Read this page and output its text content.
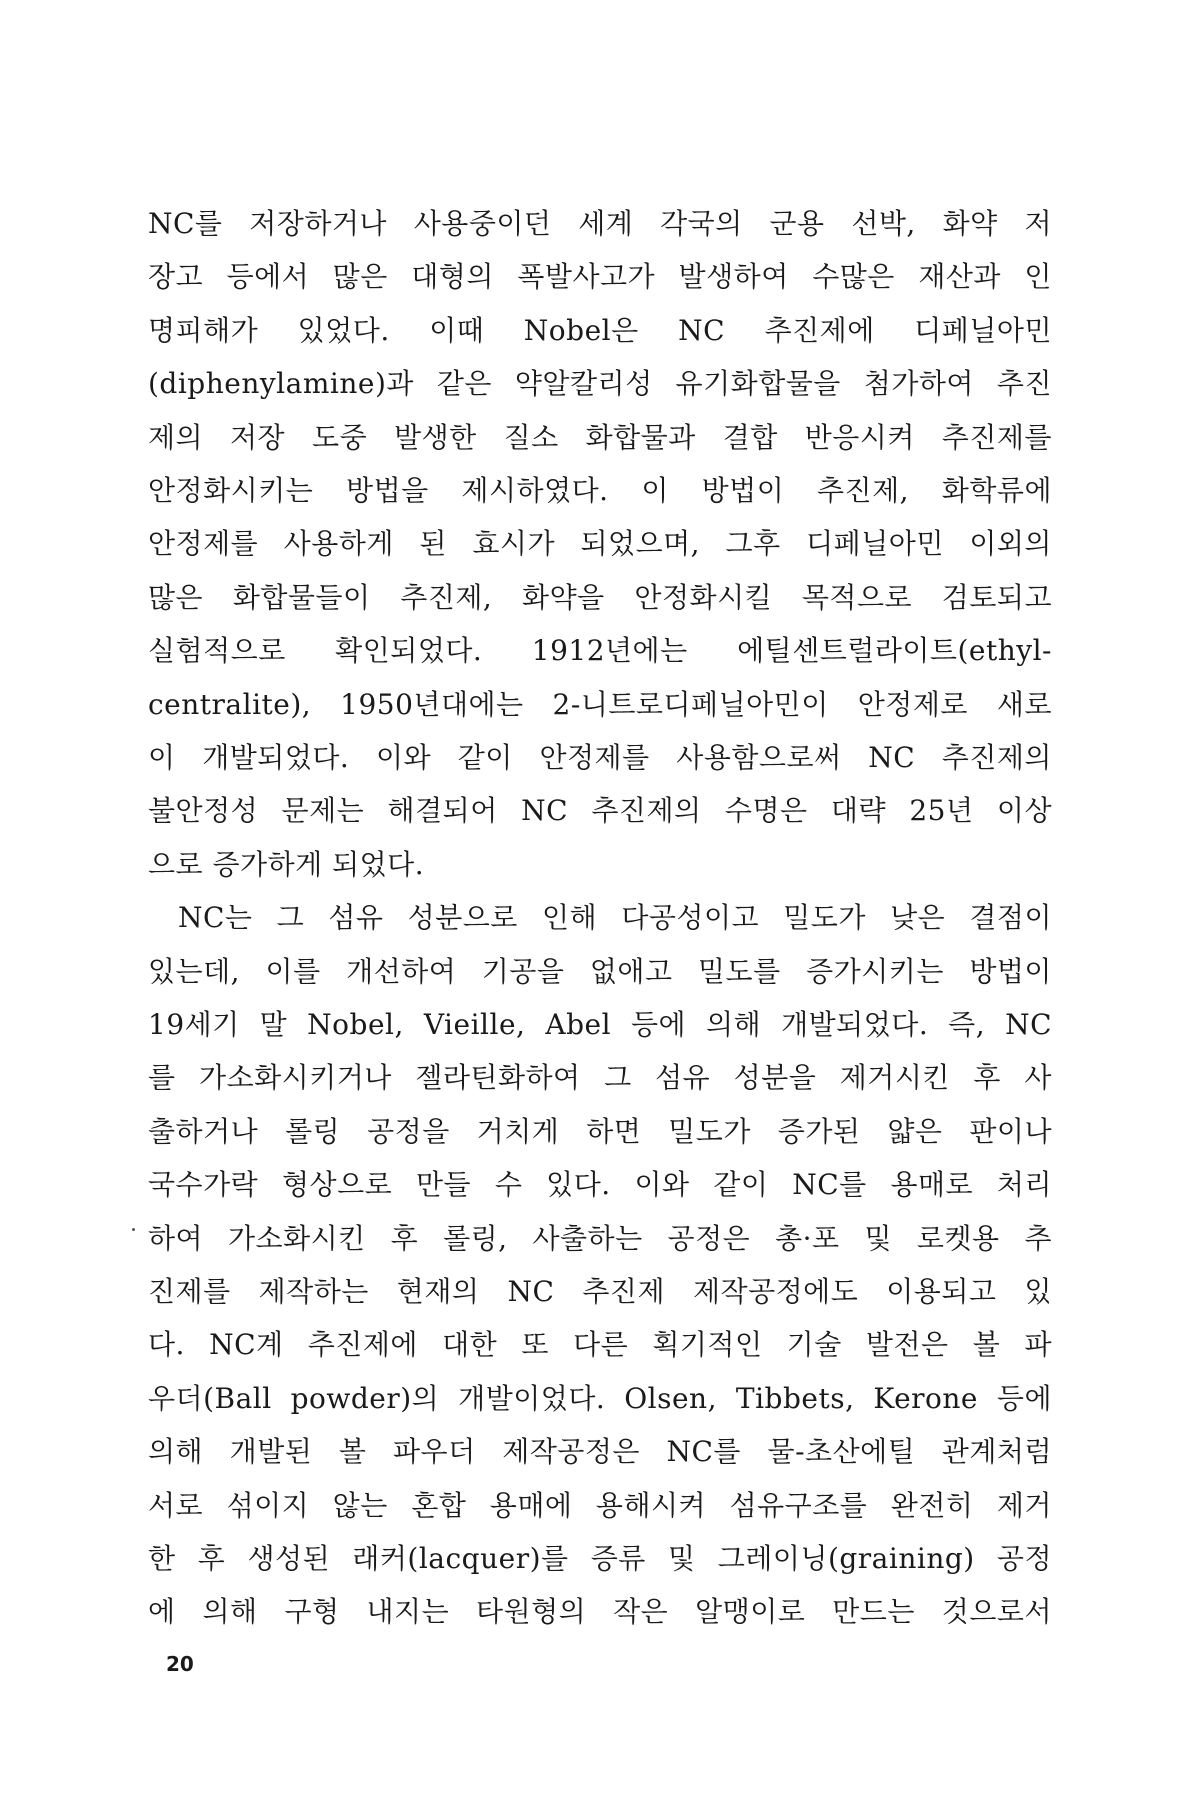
NC를 저장하거나 사용중이던 세계 각국의 군용 선박, 화약 저
장고 등에서 많은 대형의 폭발사고가 발생하여 수많은 재산과 인
명피해가 있었다. 이때 Nobel은 NC 추진제에 디페닐아민
(diphenylamine)과 같은 약알칼리성 유기화합물을 첨가하여 추진
제의 저장 도중 발생한 질소 화합물과 결합 반응시켜 추진제를
안정화시키는 방법을 제시하였다. 이 방법이 추진제, 화학류에
안정제를 사용하게 된 효시가 되었으며, 그후 디페닐아민 이외의
많은 화합물들이 추진제, 화약을 안정화시킬 목적으로 검토되고
실험적으로 확인되었다. 1912년에는 에틸센트럴라이트(ethyl-
centralite), 1950년대에는 2-니트로디페닐아민이 안정제로 새로
이 개발되었다. 이와 같이 안정제를 사용함으로써 NC 추진제의
불안정성 문제는 해결되어 NC 추진제의 수명은 대략 25년 이상
으로 증가하게 되었다.
NC는 그 섬유 성분으로 인해 다공성이고 밀도가 낮은 결점이
있는데, 이를 개선하여 기공을 없애고 밀도를 증가시키는 방법이
19세기 말 Nobel, Vieille, Abel 등에 의해 개발되었다. 즉, NC
를 가소화시키거나 젤라틴화하여 그 섬유 성분을 제거시킨 후 사
출하거나 롤링 공정을 거치게 하면 밀도가 증가된 얇은 판이나
국수가락 형상으로 만들 수 있다. 이와 같이 NC를 용매로 처리
하여 가소화시킨 후 롤링, 사출하는 공정은 총·포 및 로켓용 추
진제를 제작하는 현재의 NC 추진제 제작공정에도 이용되고 있
다. NC계 추진제에 대한 또 다른 획기적인 기술 발전은 볼 파
우더(Ball powder)의 개발이었다. Olsen, Tibbets, Kerone 등에
의해 개발된 볼 파우더 제작공정은 NC를 물-초산에틸 관계처럼
서로 섞이지 않는 혼합 용매에 용해시켜 섬유구조를 완전히 제거
한 후 생성된 래커(lacquer)를 증류 및 그레이닝(graining) 공정
에 의해 구형 내지는 타원형의 작은 알맹이로 만드는 것으로서
20
